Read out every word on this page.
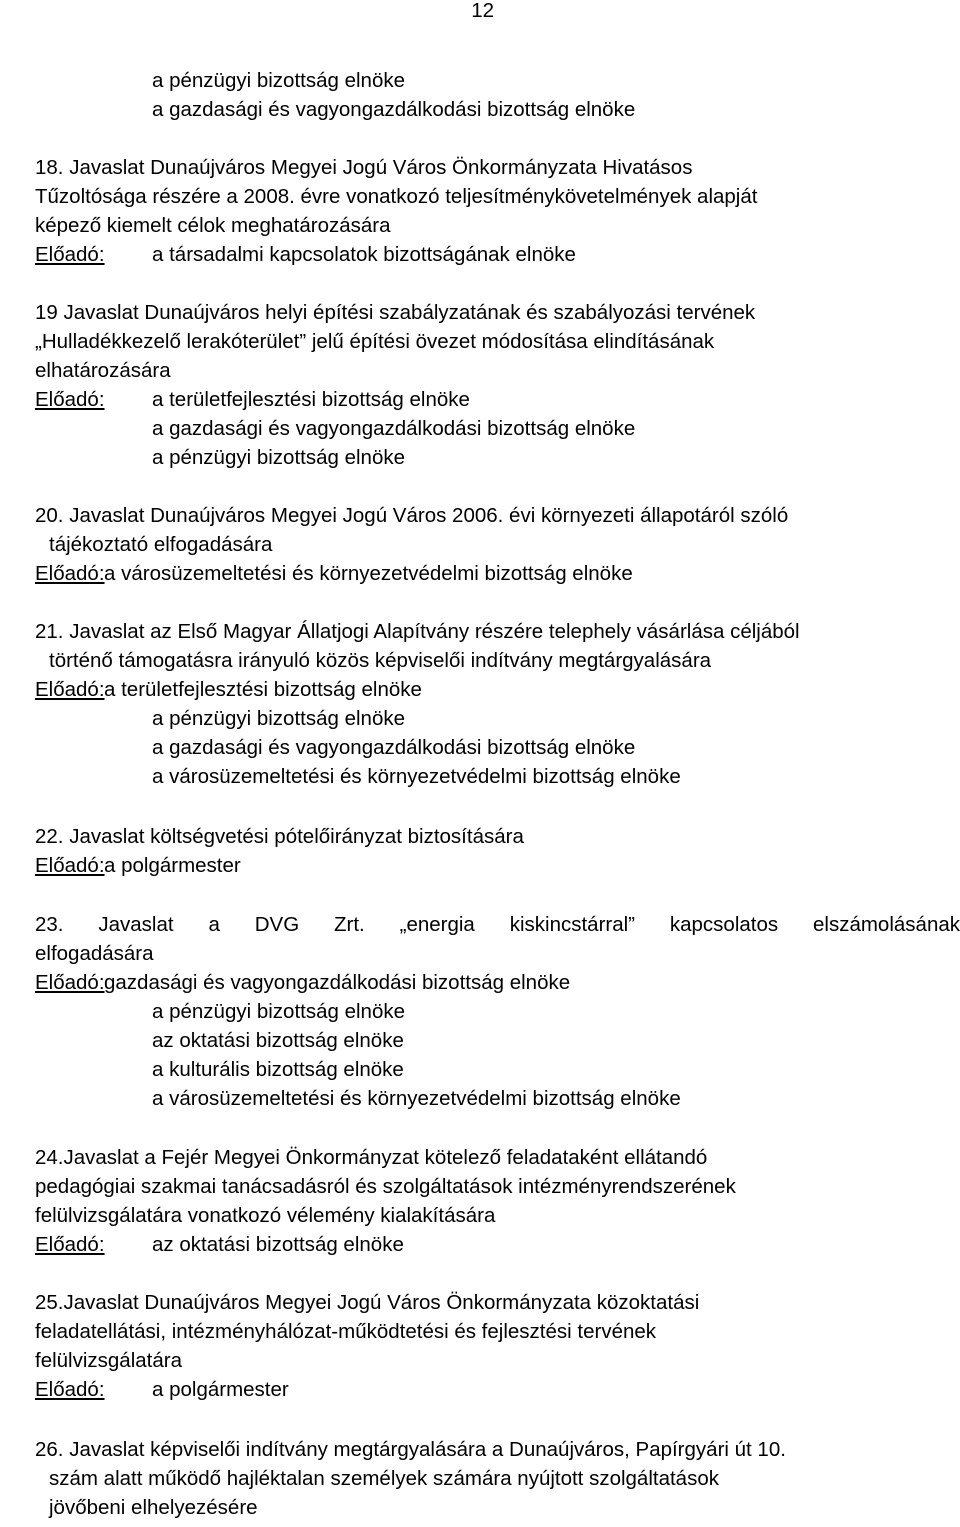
12
a pénzügyi bizottság elnöke
a gazdasági és vagyongazdálkodási bizottság elnöke
18. Javaslat Dunaújváros Megyei Jogú Város Önkormányzata Hivatásos
Tűzoltósága részére a 2008. évre vonatkozó teljesítménykövetelmények alapját
képező kiemelt célok meghatározására
Előadó: a társadalmi kapcsolatok bizottságának elnöke
19 Javaslat Dunaújváros helyi építési szabályzatának és szabályozási tervének
„Hulladékkezelő lerakóterület” jelű építési övezet módosítása elindításának
elhatározására
Előadó: a területfejlesztési bizottság elnöke
a gazdasági és vagyongazdálkodási bizottság elnöke
a pénzügyi bizottság elnöke
20. Javaslat Dunaújváros Megyei Jogú Város 2006. évi környezeti állapotáról szóló
tájékoztató elfogadására
Előadó: a városüzemeltetési és környezetvédelmi bizottság elnöke
21. Javaslat az Első Magyar Állatjogi Alapítvány részére telephely vásárlása céljából
történő támogatásra irányuló közös képviselői indítvány megtárgyalására
Előadó: a területfejlesztési bizottság elnöke
a pénzügyi bizottság elnöke
a gazdasági és vagyongazdálkodási bizottság elnöke
a városüzemeltetési és környezetvédelmi bizottság elnöke
22. Javaslat költségvetési pótelőirányzat biztosítására
Előadó: a polgármester
23. Javaslat a DVG Zrt. „energia kiskincstárral” kapcsolatos elszámolásának
elfogadására
Előadó: gazdasági és vagyongazdálkodási bizottság elnöke
a pénzügyi bizottság elnöke
az oktatási bizottság elnöke
a kulturális bizottság elnöke
a városüzemeltetési és környezetvédelmi bizottság elnöke
24.Javaslat a Fejér Megyei Önkormányzat kötelező feladataként ellátandó
pedagógiai szakmai tanácsadásról és szolgáltatások intézményrendszerének
felülvizsgálatára vonatkozó vélemény kialakítására
Előadó: az oktatási bizottság elnöke
25.Javaslat Dunaújváros Megyei Jogú Város Önkormányzata közoktatási
feladatellátási, intézményhálózat-működtetési és fejlesztési tervének
felülvizsgálatára
Előadó: a polgármester
26. Javaslat képviselői indítvány megtárgyalására a Dunaújváros, Papírgyári út 10.
szám alatt működő hajléktalan személyek számára nyújtott szolgáltatások
jövőbeni elhelyezésére
